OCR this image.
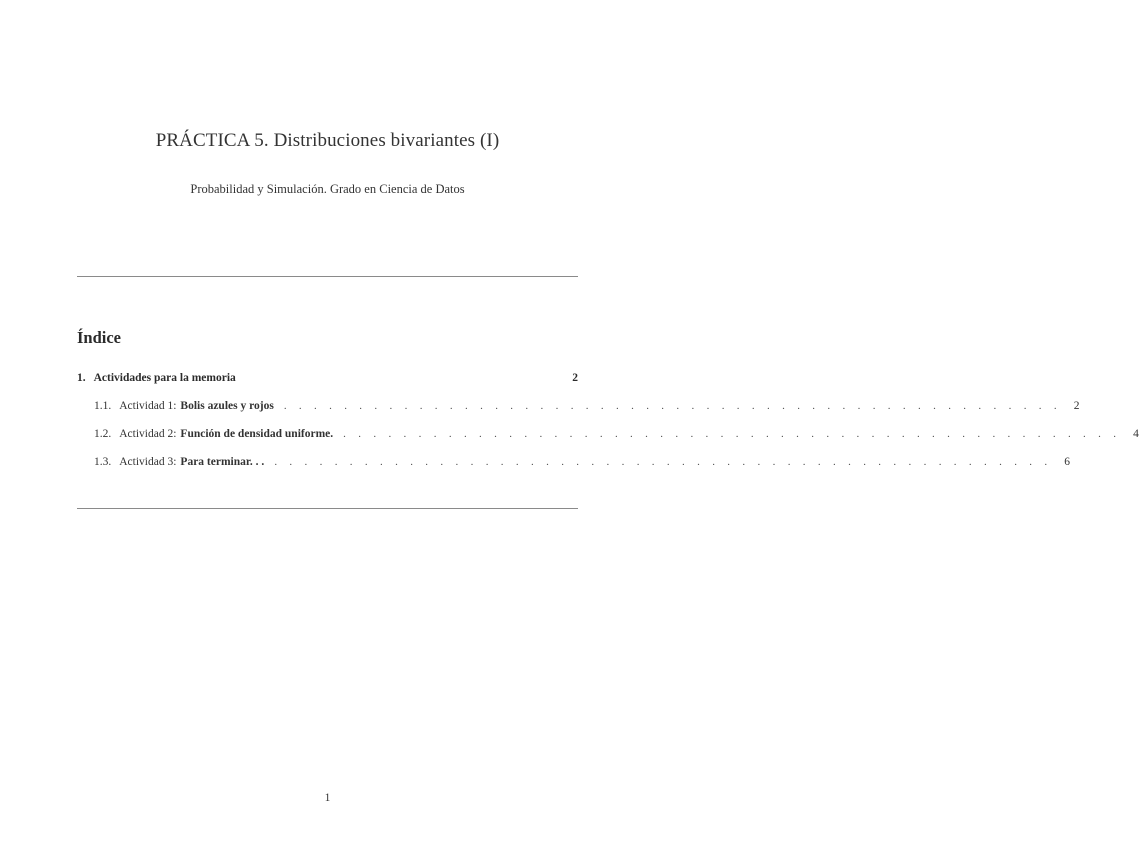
PRÁCTICA 5. Distribuciones bivariantes (I)
Probabilidad y Simulación. Grado en Ciencia de Datos
Índice
1. Actividades para la memoria	2
1.1. Actividad 1: Bolis azules y rojos . . . . . . . . . . . . . . . . . . . . . . . . . . . . . . . . . . . . . . . . . . . . . . . . . . . . 2
1.2. Actividad 2: Función de densidad uniforme. . . . . . . . . . . . . . . . . . . . . . . . . . . . . . . . . . . . . . . . . . . . . . . . . . . . . 4
1.3. Actividad 3: Para terminar. . . . . . . . . . . . . . . . . . . . . . . . . . . . . . . . . . . . . . . . . . . . . . . . . . . . . . . 6
1
